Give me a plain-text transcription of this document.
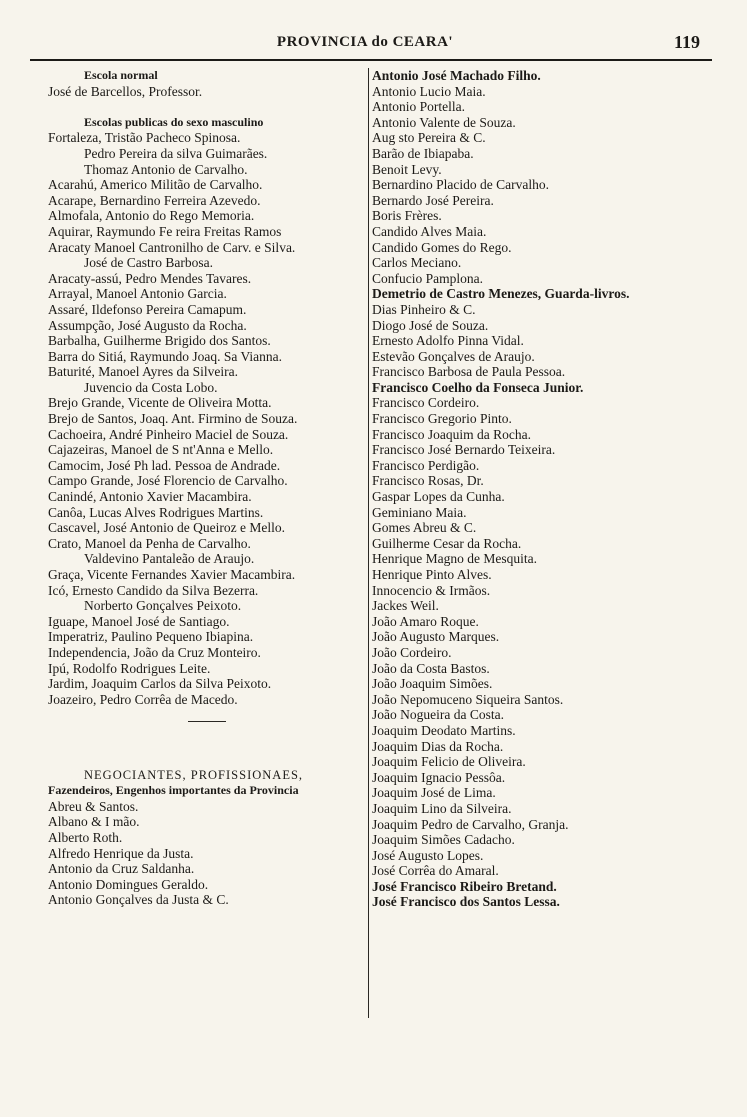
PROVINCIA do CEARA'	119
Escola normal
José de Barcellos, Professor.
Escolas publicas do sexo masculino
Fortaleza, Tristão Pacheco Spinosa.
Pedro Pereira da silva Guimarães.
Thomaz Antonio de Carvalho.
Acarahú, Americo Militão de Carvalho.
Acarape, Bernardino Ferreira Azevedo.
Almofala, Antonio do Rego Memoria.
Aquirar, Raymundo Fe reira Freitas Ramos
Aracaty Manoel Cantronilho de Carv. e Silva.
José de Castro Barbosa.
Aracaty-assú, Pedro Mendes Tavares.
Arrayal, Manoel Antonio Garcia.
Assaré, Ildefonso Pereira Camapum.
Assumpção, José Augusto da Rocha.
Barbalha, Guilherme Brigido dos Santos.
Barra do Sitiá, Raymundo Joaq. Sa Vianna.
Baturité, Manoel Ayres da Silveira.
Juvencio da Costa Lobo.
Brejo Grande, Vicente de Oliveira Motta.
Brejo de Santos, Joaq. Ant. Firmino de Souza.
Cachoeira, André Pinheiro Maciel de Souza.
Cajazeiras, Manoel de S nt'Anna e Mello.
Camocim, José Ph lad. Pessoa de Andrade.
Campo Grande, José Florencio de Carvalho.
Canindé, Antonio Xavier Macambira.
Canôa, Lucas Alves Rodrigues Martins.
Cascavel, José Antonio de Queiroz e Mello.
Crato, Manoel da Penha de Carvalho.
Valdevino Pantaleão de Araujo.
Graça, Vicente Fernandes Xavier Macambira.
Icó, Ernesto Candido da Silva Bezerra.
Norberto Gonçalves Peixoto.
Iguape, Manoel José de Santiago.
Imperatriz, Paulino Pequeno Ibiapina.
Independencia, João da Cruz Monteiro.
Ipú, Rodolfo Rodrigues Leite.
Jardim, Joaquim Carlos da Silva Peixoto.
Joazeiro, Pedro Corrêa de Macedo.
NEGOCIANTES, PROFISSIONAES,
Fazendeiros, Engenhos importantes da Provincia
Abreu & Santos.
Albano & I mão.
Alberto Roth.
Alfredo Henrique da Justa.
Antonio da Cruz Saldanha.
Antonio Domingues Geraldo.
Antonio Gonçalves da Justa & C.
Antonio José Machado Filho.
Antonio Lucio Maia.
Antonio Portella.
Antonio Valente de Souza.
Aug sto Pereira & C.
Barão de Ibiapaba.
Benoit Levy.
Bernardino Placido de Carvalho.
Bernardo José Pereira.
Boris Frères.
Candido Alves Maia.
Candido Gomes do Rego.
Carlos Meciano.
Confucio Pamplona.
Demetrio de Castro Menezes, Guarda-livros.
Dias Pinheiro & C.
Diogo José de Souza.
Ernesto Adolfo Pinna Vidal.
Estevão Gonçalves de Araujo.
Francisco Barbosa de Paula Pessoa.
Francisco Coelho da Fonseca Junior.
Francisco Cordeiro.
Francisco Gregorio Pinto.
Francisco Joaquim da Rocha.
Francisco José Bernardo Teixeira.
Francisco Perdigão.
Francisco Rosas, Dr.
Gaspar Lopes da Cunha.
Geminiano Maia.
Gomes Abreu & C.
Guilherme Cesar da Rocha.
Henrique Magno de Mesquita.
Henrique Pinto Alves.
Innocencio & Irmãos.
Jackes Weil.
João Amaro Roque.
João Augusto Marques.
João Cordeiro.
João da Costa Bastos.
João Joaquim Simões.
João Nepomuceno Siqueira Santos.
João Nogueira da Costa.
Joaquim Deodato Martins.
Joaquim Dias da Rocha.
Joaquim Felicio de Oliveira.
Joaquim Ignacio Pessôa.
Joaquim José de Lima.
Joaquim Lino da Silveira.
Joaquim Pedro de Carvalho, Granja.
Joaquim Simões Cadacho.
José Augusto Lopes.
José Corrêa do Amaral.
José Francisco Ribeiro Bretand.
José Francisco dos Santos Lessa.
